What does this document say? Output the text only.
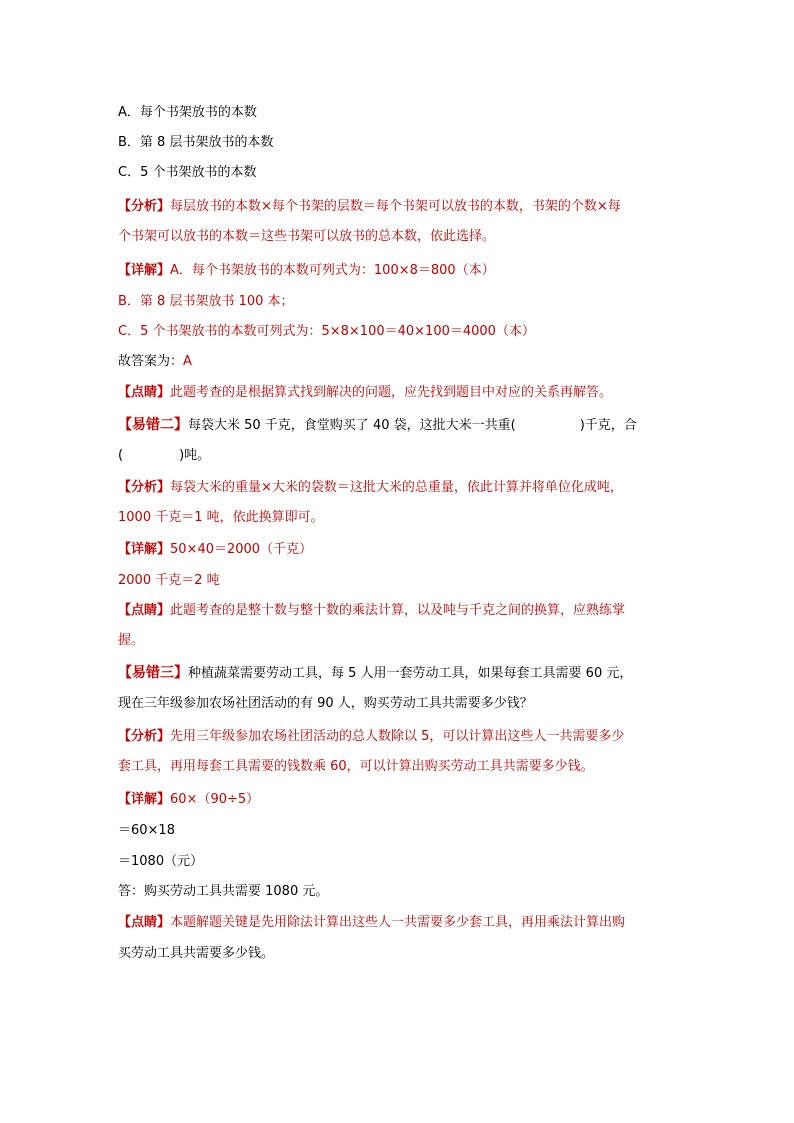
A．每个书架放书的本数
B．第 8 层书架放书的本数
C．5 个书架放书的本数
【分析】每层放书的本数×每个书架的层数＝每个书架可以放书的本数，书架的个数×每
个书架可以放书的本数＝这些书架可以放书的总本数，依此选择。
【详解】A．每个书架放书的本数可列式为：100×8＝800（本）
B．第 8 层书架放书 100 本；
C．5 个书架放书的本数可列式为：5×8×100＝40×100＝4000（本）
故答案为：A
【点睛】此题考查的是根据算式找到解决的问题，应先找到题目中对应的关系再解答。
【易错二】每袋大米 50 千克，食堂购买了 40 袋，这批大米一共重(	)千克，合
(	)吨。
【分析】每袋大米的重量×大米的袋数＝这批大米的总重量，依此计算并将单位化成吨，
1000 千克＝1 吨，依此换算即可。
【详解】50×40＝2000（千克）
2000 千克＝2 吨
【点睛】此题考查的是整十数与整十数的乘法计算，以及吨与千克之间的换算，应熟练掌
握。
【易错三】种植蔬菜需要劳动工具，每 5 人用一套劳动工具，如果每套工具需要 60 元，
现在三年级参加农场社团活动的有 90 人，购买劳动工具共需要多少钱？
【分析】先用三年级参加农场社团活动的总人数除以 5，可以计算出这些人一共需要多少
套工具，再用每套工具需要的钱数乘 60，可以计算出购买劳动工具共需要多少钱。
【详解】60×（90÷5）
＝60×18
＝1080（元）
答：购买劳动工具共需要 1080 元。
【点睛】本题解题关键是先用除法计算出这些人一共需要多少套工具，再用乘法计算出购
买劳动工具共需要多少钱。
